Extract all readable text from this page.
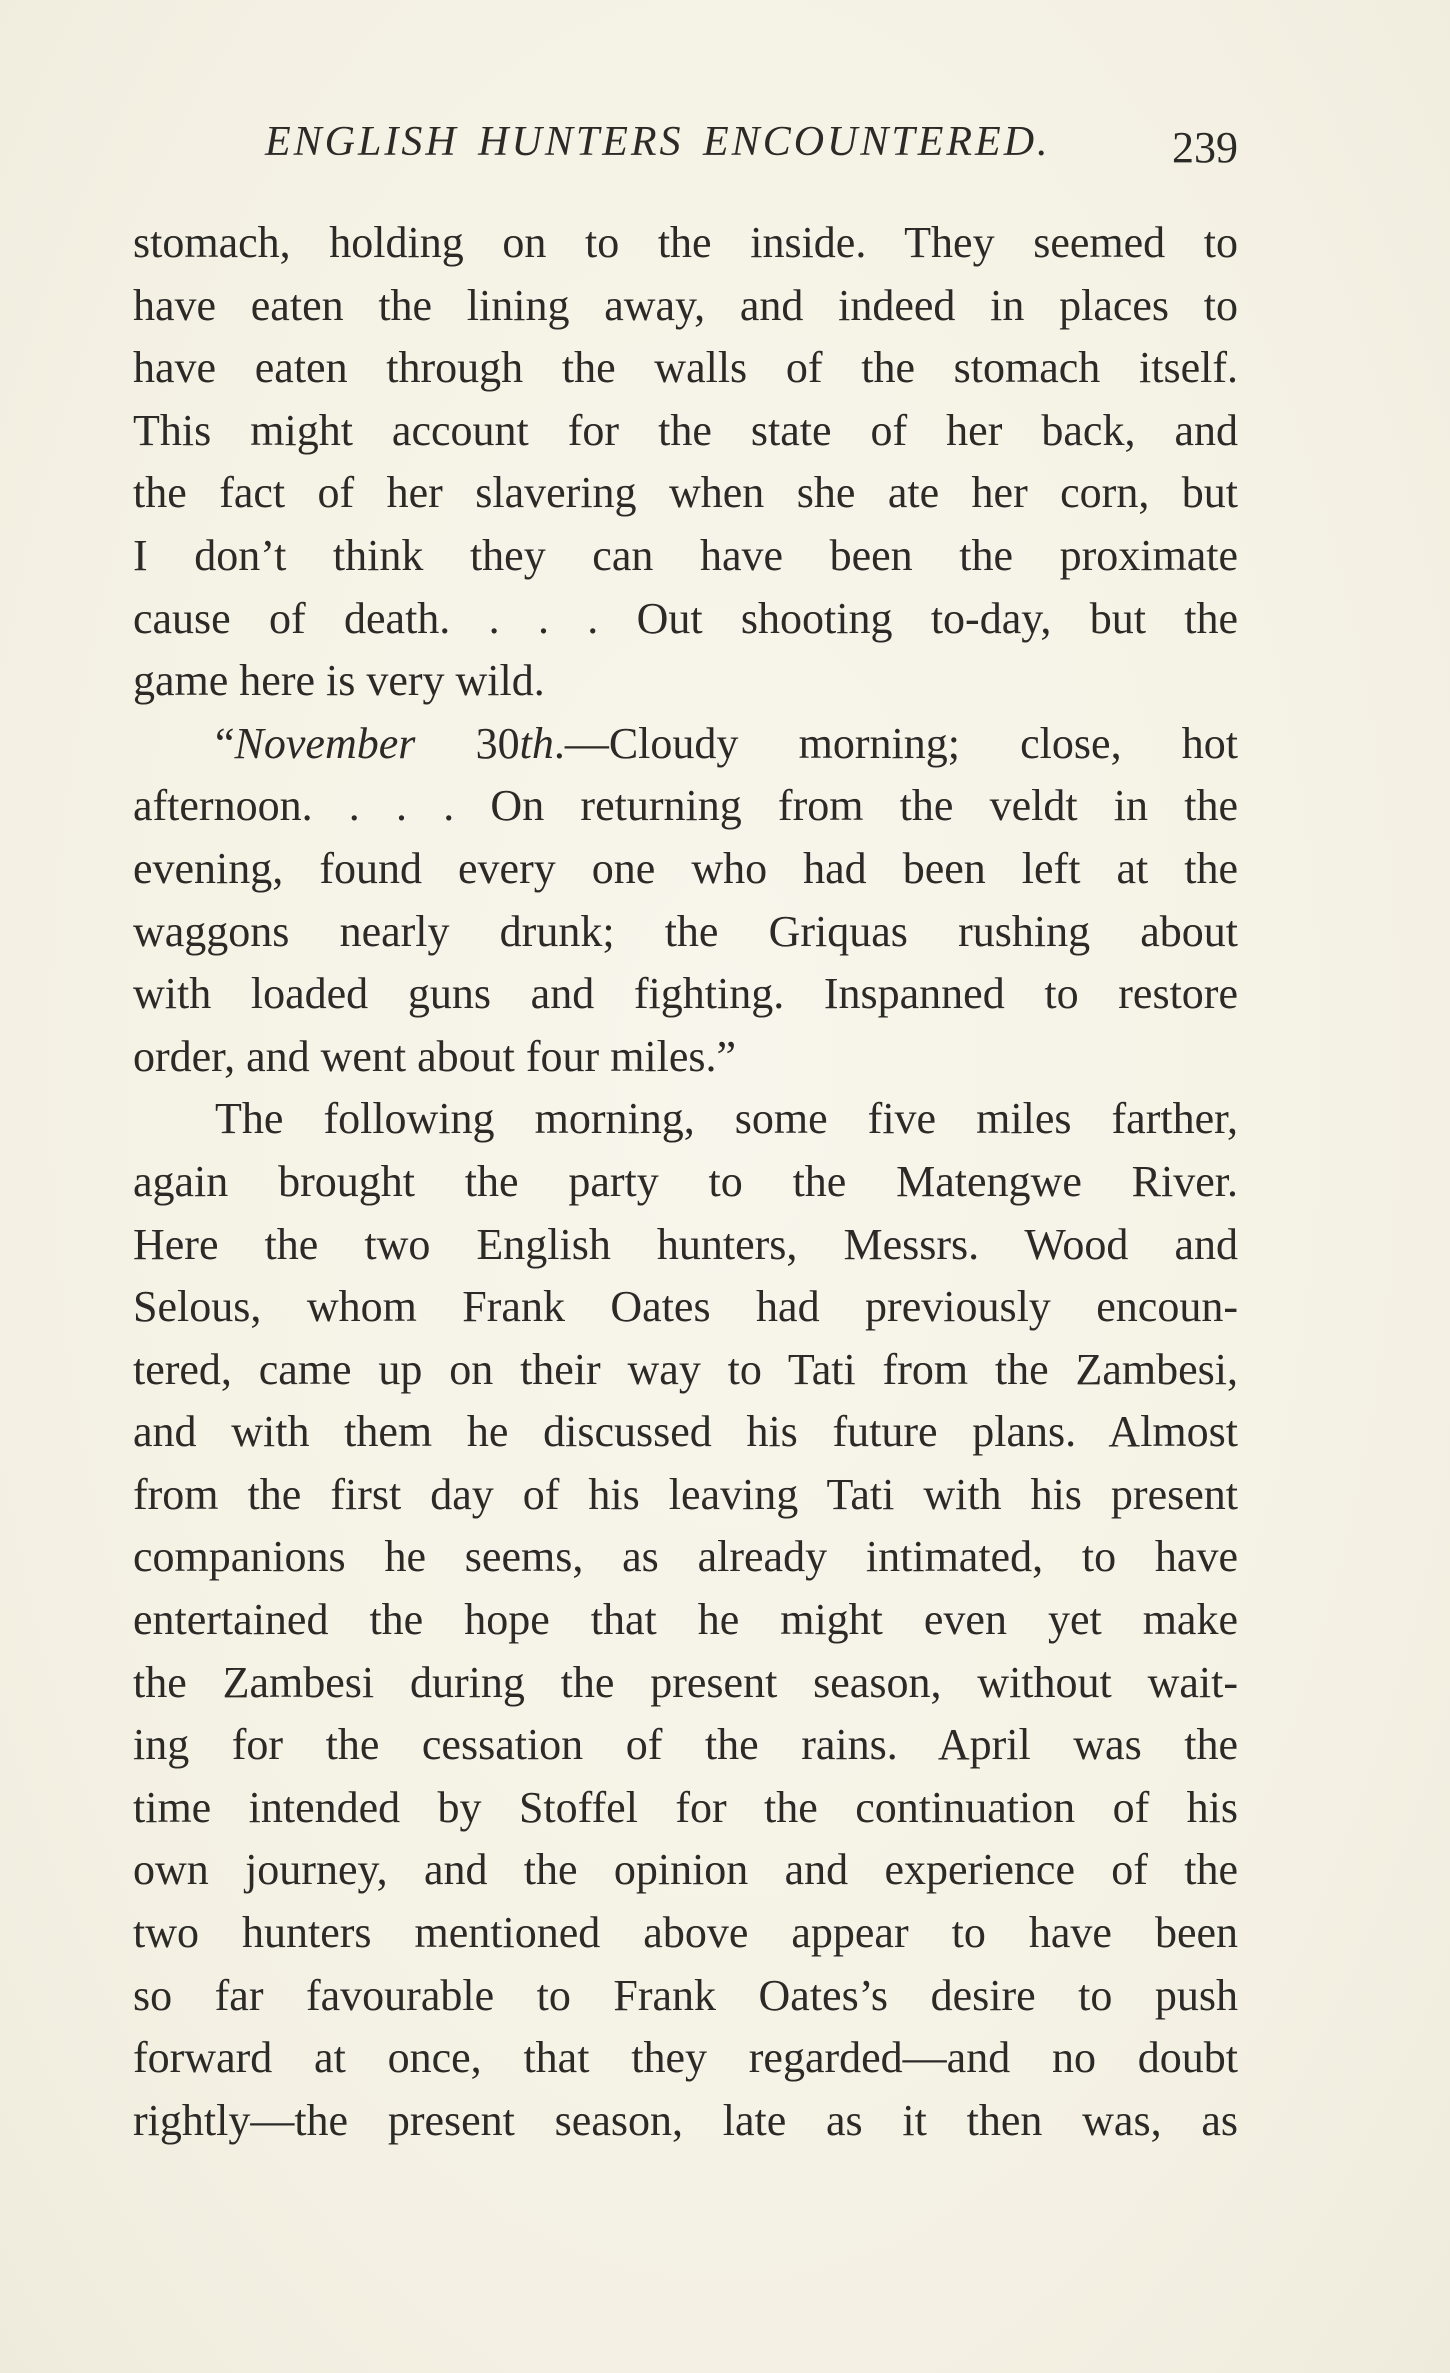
ENGLISH HUNTERS ENCOUNTERED.	239
stomach, holding on to the inside. They seemed to
have eaten the lining away, and indeed in places to
have eaten through the walls of the stomach itself.
This might account for the state of her back, and
the fact of her slavering when she ate her corn, but
I don’t think they can have been the proximate
cause of death. . . . Out shooting to-day, but the
game here is very wild.
“November 30th.—Cloudy morning; close, hot
afternoon. . . . On returning from the veldt in the
evening, found every one who had been left at the
waggons nearly drunk; the Griquas rushing about
with loaded guns and fighting. Inspanned to restore
order, and went about four miles.”
The following morning, some five miles farther,
again brought the party to the Matengwe River.
Here the two English hunters, Messrs. Wood and
Selous, whom Frank Oates had previously encoun-
tered, came up on their way to Tati from the Zambesi,
and with them he discussed his future plans. Almost
from the first day of his leaving Tati with his present
companions he seems, as already intimated, to have
entertained the hope that he might even yet make
the Zambesi during the present season, without wait-
ing for the cessation of the rains. April was the
time intended by Stoffel for the continuation of his
own journey, and the opinion and experience of the
two hunters mentioned above appear to have been
so far favourable to Frank Oates’s desire to push
forward at once, that they regarded—and no doubt
rightly—the present season, late as it then was, as
